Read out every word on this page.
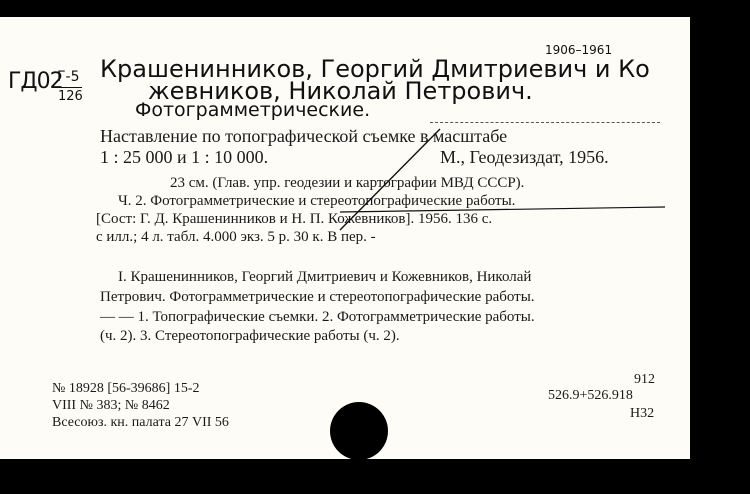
ГД02
Г-5
126
1906–1961
Крашенинников, Георгий Дмитриевич и Ко
жевников, Николай Петрович.
Фотограмметрические.
Наставление по топографической съемке в масштабе
1 : 25 000 и 1 : 10 000.	М., Геодезиздат, 1956.
23 см. (Глав. упр. геодезии и картографии МВД СССР).
Ч. 2. Фотограмметрические и стереотопографические работы.
[Сост: Г. Д. Крашенинников и Н. П. Кожевников]. 1956. 136 с.
с илл.; 4 л. табл. 4.000 экз. 5 р. 30 к. В пер. -
I. Крашенинников, Георгий Дмитриевич и Кожевников, Николай
Петрович. Фотограмметрические и стереотопографические работы.
— — 1. Топографические съемки. 2. Фотограмметрические работы.
(ч. 2). 3. Стереотопографические работы (ч. 2).
№ 18928 [56-39686] 15-2
VIII № 383; № 8462
Всесоюз. кн. палата 27 VII 56
912
526.9+526.918
Н32
